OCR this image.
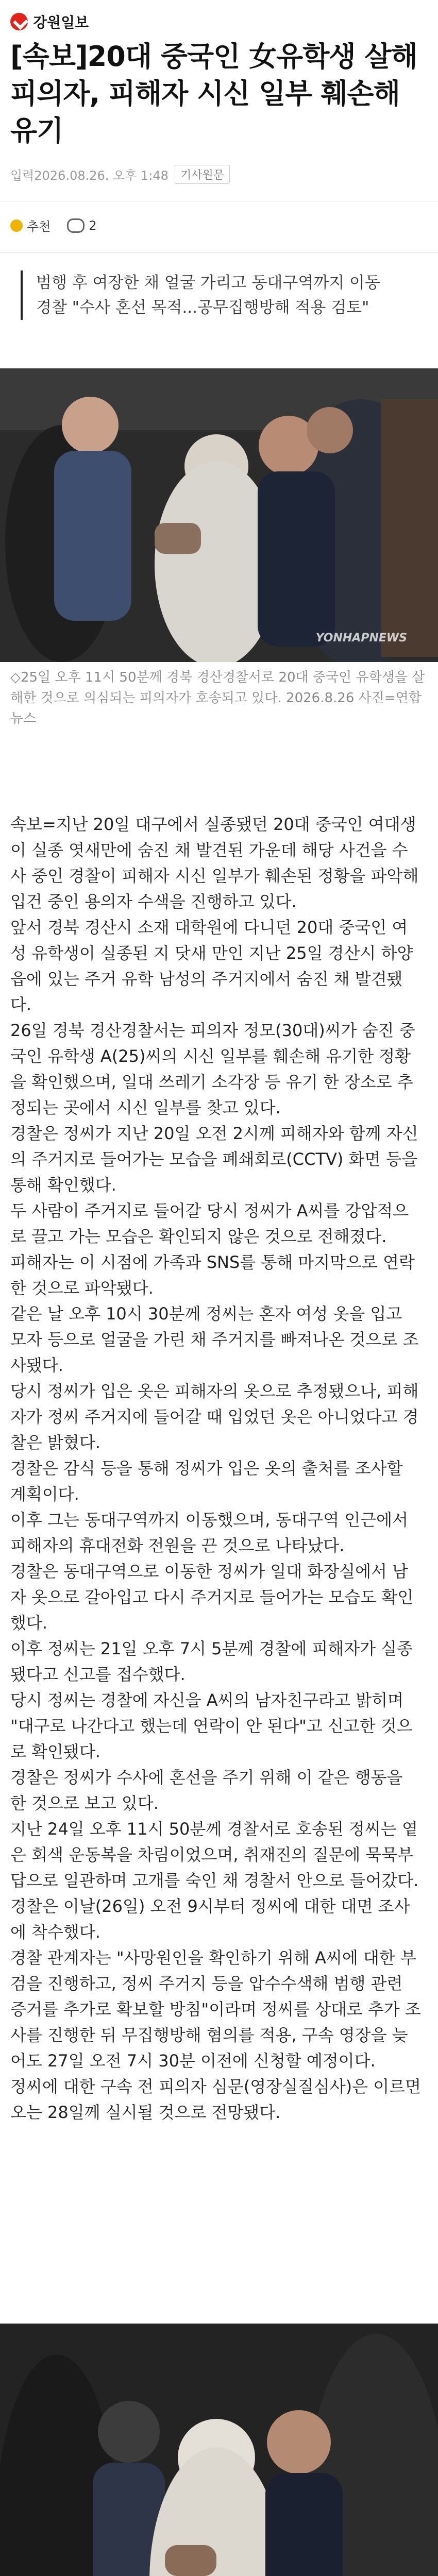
강원일보
[속보]20대 중국인 女유학생 살해 피의자, 피해자 시신 일부 훼손해 유기
입력2026.08.26. 오후 1:48	기사원문
추천	2
범행 후 여장한 채 얼굴 가리고 동대구역까지 이동
경찰 "수사 혼선 목적...공무집행방해 적용 검토"
YONHAPNEWS
◇25일 오후 11시 50분께 경북 경산경찰서로 20대 중국인 유학생을 살해한 것으로 의심되는 피의자가 호송되고 있다. 2026.8.26 사진=연합뉴스

속보=지난 20일 대구에서 실종됐던 20대 중국인 여대생이 실종 엿새만에 숨진 채 발견된 가운데 해당 사건을 수사 중인 경찰이 피해자 시신 일부가 훼손된 정황을 파악해 입건 중인 용의자 수색을 진행하고 있다.

앞서 경북 경산시 소재 대학원에 다니던 20대 중국인 여성 유학생이 실종된 지 닷새 만인 지난 25일 경산시 하양읍에 있는 주거 유학 남성의 주거지에서 숨진 채 발견됐다.

26일 경북 경산경찰서는 피의자 정모(30대)씨가 숨진 중국인 유학생 A(25)씨의 시신 일부를 훼손해 유기한 정황을 확인했으며, 일대 쓰레기 소각장 등 유기 한 장소로 추정되는 곳에서 시신 일부를 찾고 있다.

경찰은 정씨가 지난 20일 오전 2시께 피해자와 함께 자신의 주거지로 들어가는 모습을 폐쇄회로(CCTV) 화면 등을 통해 확인했다.

두 사람이 주거지로 들어갈 당시 정씨가 A씨를 강압적으로 끌고 가는 모습은 확인되지 않은 것으로 전해졌다.

피해자는 이 시점에 가족과 SNS를 통해 마지막으로 연락한 것으로 파악됐다.

같은 날 오후 10시 30분께 정씨는 혼자 여성 옷을 입고 모자 등으로 얼굴을 가린 채 주거지를 빠져나온 것으로 조사됐다.

당시 정씨가 입은 옷은 피해자의 옷으로 추정됐으나, 피해자가 정씨 주거지에 들어갈 때 입었던 옷은 아니었다고 경찰은 밝혔다.

경찰은 감식 등을 통해 정씨가 입은 옷의 출처를 조사할 계획이다.

이후 그는 동대구역까지 이동했으며, 동대구역 인근에서 피해자의 휴대전화 전원을 끈 것으로 나타났다.

경찰은 동대구역으로 이동한 정씨가 일대 화장실에서 남자 옷으로 갈아입고 다시 주거지로 들어가는 모습도 확인했다.

이후 정씨는 21일 오후 7시 5분께 경찰에 피해자가 실종됐다고 신고를 접수했다.

당시 정씨는 경찰에 자신을 A씨의 남자친구라고 밝히며 "대구로 나간다고 했는데 연락이 안 된다"고 신고한 것으로 확인됐다.

경찰은 정씨가 수사에 혼선을 주기 위해 이 같은 행동을 한 것으로 보고 있다.

지난 24일 오후 11시 50분께 경찰서로 호송된 정씨는 옅은 회색 운동복을 차림이었으며, 취재진의 질문에 묵묵부답으로 일관하며 고개를 숙인 채 경찰서 안으로 들어갔다. 경찰은 이날(26일) 오전 9시부터 정씨에 대한 대면 조사에 착수했다.

경찰 관계자는 "사망원인을 확인하기 위해 A씨에 대한 부검을 진행하고, 정씨 주거지 등을 압수수색해 범행 관련 증거를 추가로 확보할 방침"이라며 정씨를 상대로 추가 조사를 진행한 뒤 무집행방해 혐의를 적용, 구속 영장을 늦어도 27일 오전 7시 30분 이전에 신청할 예정이다.

정씨에 대한 구속 전 피의자 심문(영장실질심사)은 이르면 오는 28일께 실시될 것으로 전망됐다.
